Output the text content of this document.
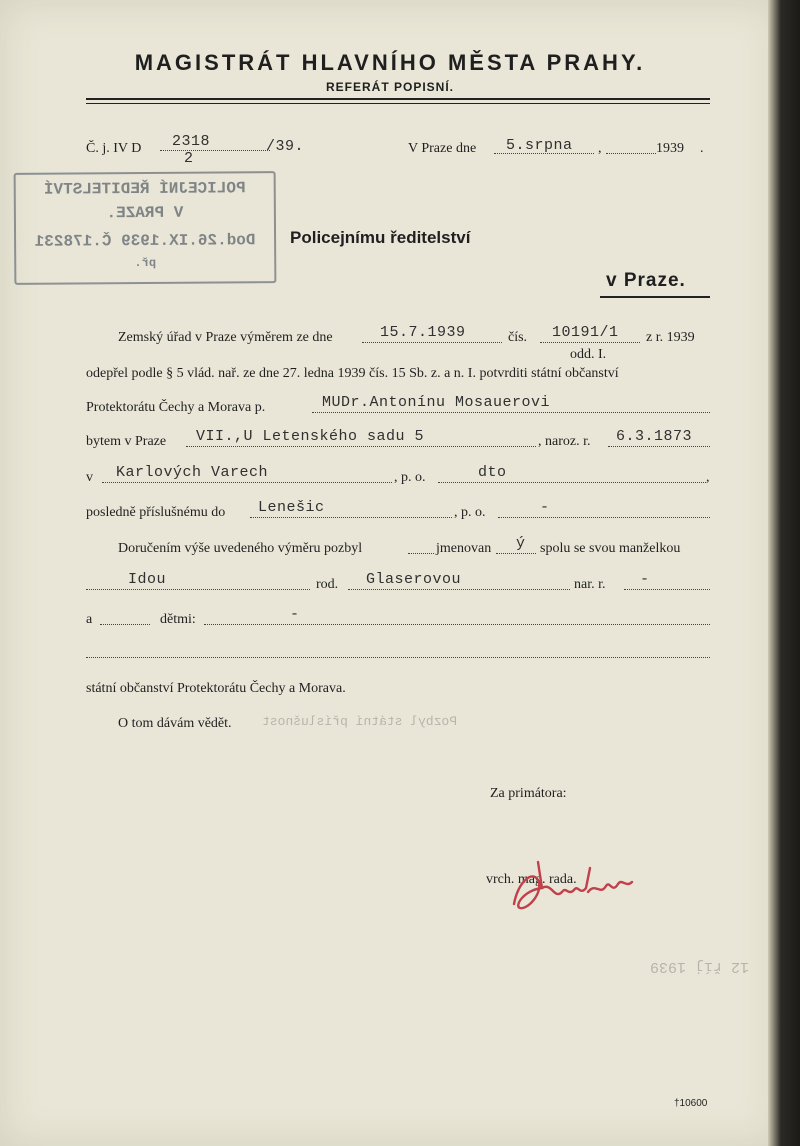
MAGISTRÁT HLAVNÍHO MĚSTA PRAHY.
REFERÁT POPISNÍ.
Č. j. IV D 2318
2
/39.	V Praze dne 5.srpna ,	1939 .
POLICEJNÍ ŘEDITELSTVÍ
V PRAZE.
Dod.26.IX.1939 Č.178231
př.
Policejnímu ředitelství
v Praze.
Zemský úřad v Praze výměrem ze dne	15.7.1939	čís. 10191/1 z r. 1939
odd. I.
odepřel podle § 5 vlád. nař. ze dne 27. ledna 1939 čís. 15 Sb. z. a n. I. potvrditi státní občanství
Protektorátu Čechy a Morava p.	MUDr.Antonínu Mosauerovi
bytem v Praze VII.,U Letenského sadu 5	, naroz. r. 6.3.1873
v Karlových Varech	, p. o.	dto	,
posledně příslušnému do Lenešic	, p. o.	-
Doručením výše uvedeného výměru pozbyl	jmenovan ý spolu se svou manželkou
Idou	rod. Glaserovou	nar. r. -
a	dětmi:	-
státní občanství Protektorátu Čechy a Morava.
O tom dávám vědět. Pozbyl státní příslušnost
Za primátora:
vrch. mag. rada.
12 říj 1939
†10600
